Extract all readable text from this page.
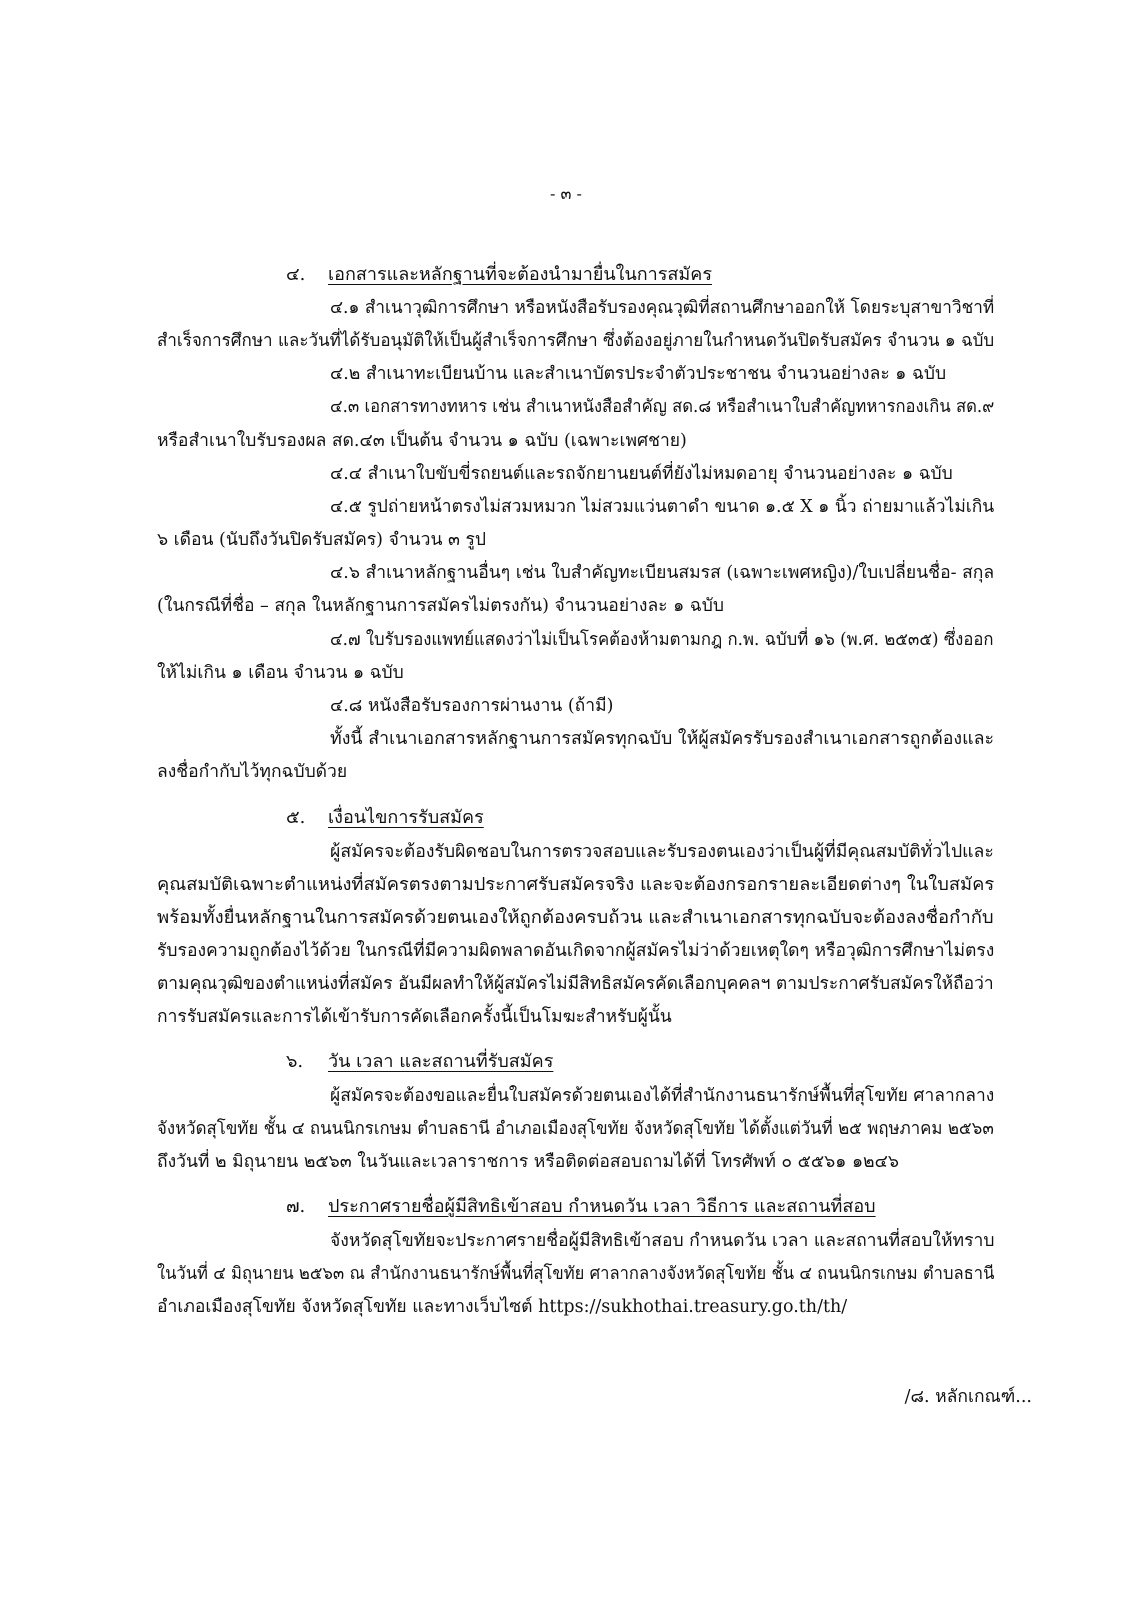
- ๓ -
๔. เอกสารและหลักฐานที่จะต้องนำมายื่นในการสมัคร
๔.๑ สำเนาวุฒิการศึกษา หรือหนังสือรับรองคุณวุฒิที่สถานศึกษาออกให้ โดยระบุสาขาวิชาที่
สำเร็จการศึกษา และวันที่ได้รับอนุมัติให้เป็นผู้สำเร็จการศึกษา ซึ่งต้องอยู่ภายในกำหนดวันปิดรับสมัคร จำนวน ๑ ฉบับ
๔.๒ สำเนาทะเบียนบ้าน และสำเนาบัตรประจำตัวประชาชน จำนวนอย่างละ ๑ ฉบับ
๔.๓ เอกสารทางทหาร เช่น สำเนาหนังสือสำคัญ สด.๘ หรือสำเนาใบสำคัญทหารกองเกิน สด.๙
หรือสำเนาใบรับรองผล สด.๔๓ เป็นต้น จำนวน ๑ ฉบับ (เฉพาะเพศชาย)
๔.๔ สำเนาใบขับขี่รถยนต์และรถจักยานยนต์ที่ยังไม่หมดอายุ จำนวนอย่างละ ๑ ฉบับ
๔.๕ รูปถ่ายหน้าตรงไม่สวมหมวก ไม่สวมแว่นตาดำ ขนาด ๑.๕ X ๑ นิ้ว ถ่ายมาแล้วไม่เกิน
๖ เดือน (นับถึงวันปิดรับสมัคร) จำนวน ๓ รูป
๔.๖ สำเนาหลักฐานอื่นๆ เช่น ใบสำคัญทะเบียนสมรส (เฉพาะเพศหญิง)/ใบเปลี่ยนชื่อ- สกุล
(ในกรณีที่ชื่อ – สกุล ในหลักฐานการสมัครไม่ตรงกัน) จำนวนอย่างละ ๑ ฉบับ
๔.๗ ใบรับรองแพทย์แสดงว่าไม่เป็นโรคต้องห้ามตามกฎ ก.พ. ฉบับที่ ๑๖ (พ.ศ. ๒๕๓๕) ซึ่งออก
ให้ไม่เกิน ๑ เดือน จำนวน ๑ ฉบับ
๔.๘ หนังสือรับรองการผ่านงาน (ถ้ามี)
ทั้งนี้ สำเนาเอกสารหลักฐานการสมัครทุกฉบับ ให้ผู้สมัครรับรองสำเนาเอกสารถูกต้องและ
ลงชื่อกำกับไว้ทุกฉบับด้วย
๕. เงื่อนไขการรับสมัคร
ผู้สมัครจะต้องรับผิดชอบในการตรวจสอบและรับรองตนเองว่าเป็นผู้ที่มีคุณสมบัติทั่วไปและ
คุณสมบัติเฉพาะตำแหน่งที่สมัครตรงตามประกาศรับสมัครจริง และจะต้องกรอกรายละเอียดต่างๆ ในใบสมัคร
พร้อมทั้งยื่นหลักฐานในการสมัครด้วยตนเองให้ถูกต้องครบถ้วน และสำเนาเอกสารทุกฉบับจะต้องลงชื่อกำกับ
รับรองความถูกต้องไว้ด้วย ในกรณีที่มีความผิดพลาดอันเกิดจากผู้สมัครไม่ว่าด้วยเหตุใดๆ หรือวุฒิการศึกษาไม่ตรง
ตามคุณวุฒิของตำแหน่งที่สมัคร อันมีผลทำให้ผู้สมัครไม่มีสิทธิสมัครคัดเลือกบุคคลฯ ตามประกาศรับสมัครให้ถือว่า
การรับสมัครและการได้เข้ารับการคัดเลือกครั้งนี้เป็นโมฆะสำหรับผู้นั้น
๖. วัน เวลา และสถานที่รับสมัคร
ผู้สมัครจะต้องขอและยื่นใบสมัครด้วยตนเองได้ที่สำนักงานธนารักษ์พื้นที่สุโขทัย ศาลากลาง
จังหวัดสุโขทัย ชั้น ๔ ถนนนิกรเกษม ตำบลธานี อำเภอเมืองสุโขทัย จังหวัดสุโขทัย ได้ตั้งแต่วันที่ ๒๕ พฤษภาคม ๒๕๖๓
ถึงวันที่ ๒ มิถุนายน ๒๕๖๓ ในวันและเวลาราชการ หรือติดต่อสอบถามได้ที่ โทรศัพท์ ๐ ๕๕๖๑ ๑๒๔๖
๗. ประกาศรายชื่อผู้มีสิทธิเข้าสอบ กำหนดวัน เวลา วิธีการ และสถานที่สอบ
จังหวัดสุโขทัยจะประกาศรายชื่อผู้มีสิทธิเข้าสอบ กำหนดวัน เวลา และสถานที่สอบให้ทราบ
ในวันที่ ๔ มิถุนายน ๒๕๖๓ ณ สำนักงานธนารักษ์พื้นที่สุโขทัย ศาลากลางจังหวัดสุโขทัย ชั้น ๔ ถนนนิกรเกษม ตำบลธานี
อำเภอเมืองสุโขทัย จังหวัดสุโขทัย และทางเว็บไซต์ https://sukhothai.treasury.go.th/th/
/๘. หลักเกณฑ์...
